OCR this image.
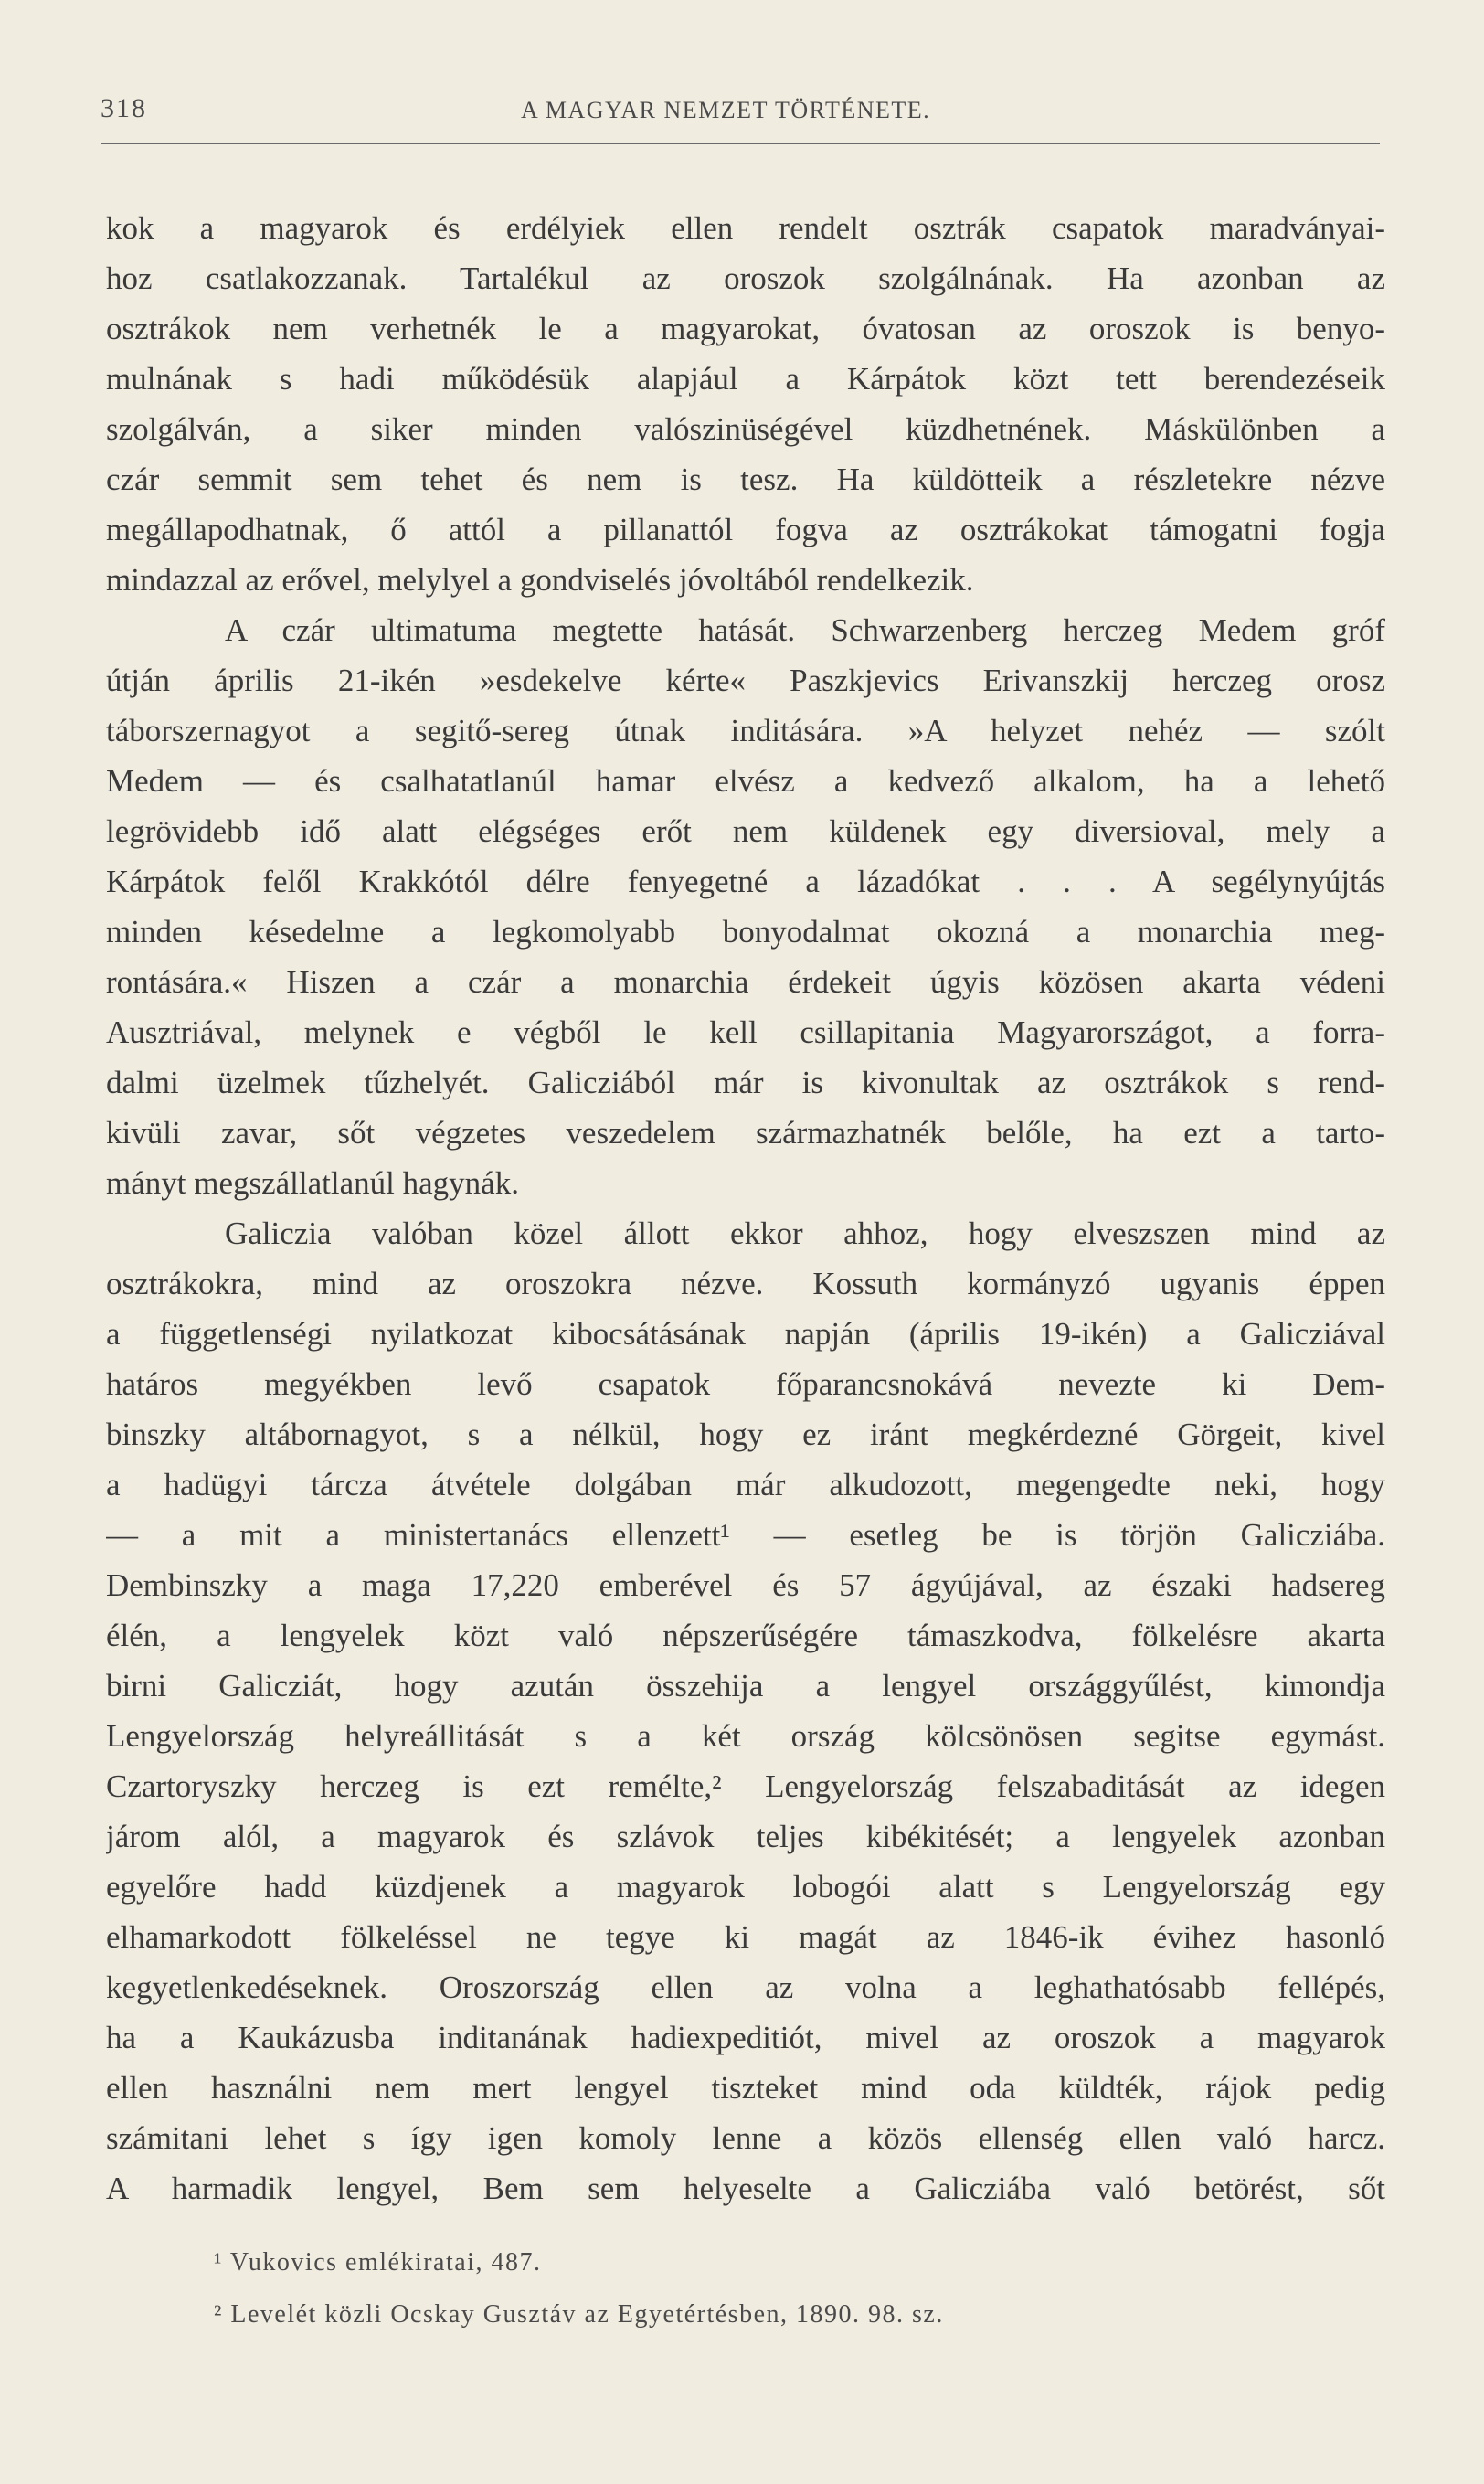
318	A MAGYAR NEMZET TÖRTÉNETE.
kok a magyarok és erdélyiek ellen rendelt osztrák csapatok maradványai-
hoz csatlakozzanak. Tartalékul az oroszok szolgálnának. Ha azonban az
osztrákok nem verhetnék le a magyarokat, óvatosan az oroszok is benyo-
mulnának s hadi működésük alapjául a Kárpátok közt tett berendezéseik
szolgálván, a siker minden valószinüségével küzdhetnének. Máskülönben a
czár semmit sem tehet és nem is tesz. Ha küldötteik a részletekre nézve
megállapodhatnak, ő attól a pillanattól fogva az osztrákokat támogatni fogja
mindazzal az erővel, melylyel a gondviselés jóvoltából rendelkezik.
A czár ultimatuma megtette hatását. Schwarzenberg herczeg Medem gróf
útján április 21-ikén »esdekelve kérte« Paszkjevics Erivanszkij herczeg orosz
táborszernagyot a segitő-sereg útnak inditására. »A helyzet nehéz — szólt
Medem — és csalhatatlanúl hamar elvész a kedvező alkalom, ha a lehető
legrövidebb idő alatt elégséges erőt nem küldenek egy diversioval, mely a
Kárpátok felől Krakkótól délre fenyegetné a lázadókat . . . A segélynyújtás
minden késedelme a legkomolyabb bonyodalmat okozná a monarchia meg-
rontására.« Hiszen a czár a monarchia érdekeit úgyis közösen akarta védeni
Ausztriával, melynek e végből le kell csillapitania Magyarországot, a forra-
dalmi üzelmek tűzhelyét. Galicziából már is kivonultak az osztrákok s rend-
kivüli zavar, sőt végzetes veszedelem származhatnék belőle, ha ezt a tarto-
mányt megszállatlanúl hagynák.
Galiczia valóban közel állott ekkor ahhoz, hogy elveszszen mind az
osztrákokra, mind az oroszokra nézve. Kossuth kormányzó ugyanis éppen
a függetlenségi nyilatkozat kibocsátásának napján (április 19-ikén) a Galicziával
határos megyékben levő csapatok főparancsnokává nevezte ki Dem-
binszky altábornagyot, s a nélkül, hogy ez iránt megkérdezné Görgeit, kivel
a hadügyi tárcza átvétele dolgában már alkudozott, megengedte neki, hogy
— a mit a ministertanács ellenzett¹ — esetleg be is törjön Galicziába.
Dembinszky a maga 17,220 emberével és 57 ágyújával, az északi hadsereg
élén, a lengyelek közt való népszerűségére támaszkodva, fölkelésre akarta
birni Galicziát, hogy azután összehija a lengyel országgyűlést, kimondja
Lengyelország helyreállitását s a két ország kölcsönösen segitse egymást.
Czartoryszky herczeg is ezt remélte,² Lengyelország felszabaditását az idegen
járom alól, a magyarok és szlávok teljes kibékitését; a lengyelek azonban
egyelőre hadd küzdjenek a magyarok lobogói alatt s Lengyelország egy
elhamarkodott fölkeléssel ne tegye ki magát az 1846-ik évihez hasonló
kegyetlenkedéseknek. Oroszország ellen az volna a leghathatósabb fellépés,
ha a Kaukázusba inditanának hadiexpeditiót, mivel az oroszok a magyarok
ellen használni nem mert lengyel tiszteket mind oda küldték, rájok pedig
számitani lehet s így igen komoly lenne a közös ellenség ellen való harcz.
A harmadik lengyel, Bem sem helyeselte a Galicziába való betörést, sőt
¹ Vukovics emlékiratai, 487.
² Levelét közli Ocskay Gusztáv az Egyetértésben, 1890. 98. sz.
